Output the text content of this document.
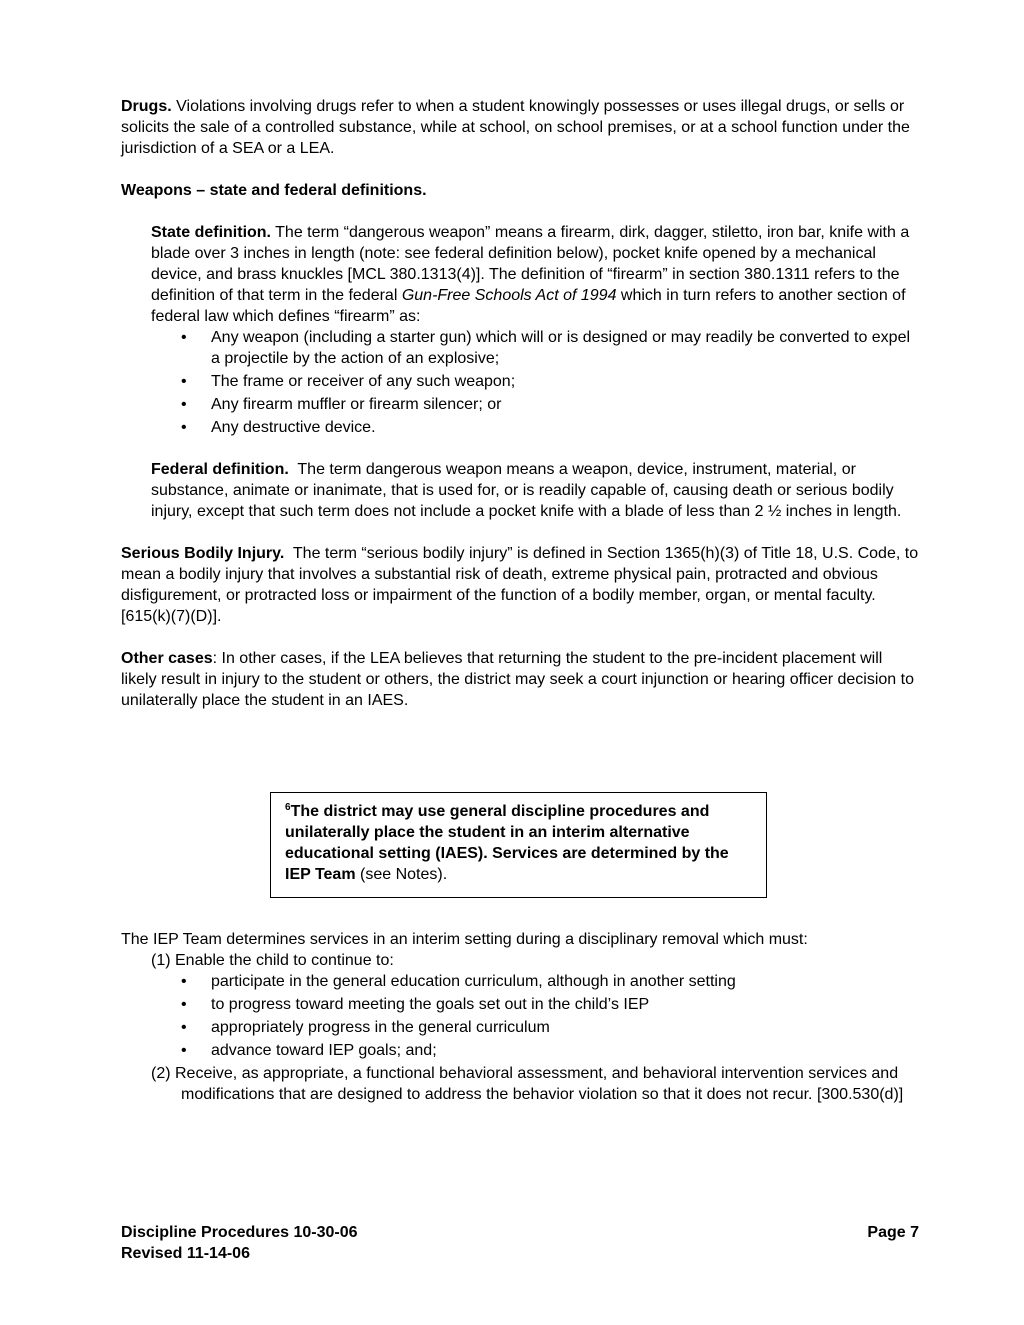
Drugs. Violations involving drugs refer to when a student knowingly possesses or uses illegal drugs, or sells or solicits the sale of a controlled substance, while at school, on school premises, or at a school function under the jurisdiction of a SEA or a LEA.

Weapons – state and federal definitions.

State definition. The term “dangerous weapon” means a firearm, dirk, dagger, stiletto, iron bar, knife with a blade over 3 inches in length (note: see federal definition below), pocket knife opened by a mechanical device, and brass knuckles [MCL 380.1313(4)]. The definition of “firearm” in section 380.1311 refers to the definition of that term in the federal Gun-Free Schools Act of 1994 which in turn refers to another section of federal law which defines “firearm” as:

• Any weapon (including a starter gun) which will or is designed or may readily be converted to expel a projectile by the action of an explosive;
• The frame or receiver of any such weapon;
• Any firearm muffler or firearm silencer; or
• Any destructive device.

Federal definition. The term dangerous weapon means a weapon, device, instrument, material, or substance, animate or inanimate, that is used for, or is readily capable of, causing death or serious bodily injury, except that such term does not include a pocket knife with a blade of less than 2 ½ inches in length.

Serious Bodily Injury. The term “serious bodily injury” is defined in Section 1365(h)(3) of Title 18, U.S. Code, to mean a bodily injury that involves a substantial risk of death, extreme physical pain, protracted and obvious disfigurement, or protracted loss or impairment of the function of a bodily member, organ, or mental faculty. [615(k)(7)(D)].

Other cases: In other cases, if the LEA believes that returning the student to the pre-incident placement will likely result in injury to the student or others, the district may seek a court injunction or hearing officer decision to unilaterally place the student in an IAES.

$^6$The district may use general discipline procedures and unilaterally place the student in an interim alternative educational setting (IAES). Services are determined by the IEP Team (see Notes).

The IEP Team determines services in an interim setting during a disciplinary removal which must:

(1) Enable the child to continue to:

• participate in the general education curriculum, although in another setting
• to progress toward meeting the goals set out in the child’s IEP
• appropriately progress in the general curriculum
• advance toward IEP goals; and;

(2) Receive, as appropriate, a functional behavioral assessment, and behavioral intervention services and modifications that are designed to address the behavior violation so that it does not recur. [300.530(d)]

Discipline Procedures 10-30-06

Revised 11-14-06

Page 7
